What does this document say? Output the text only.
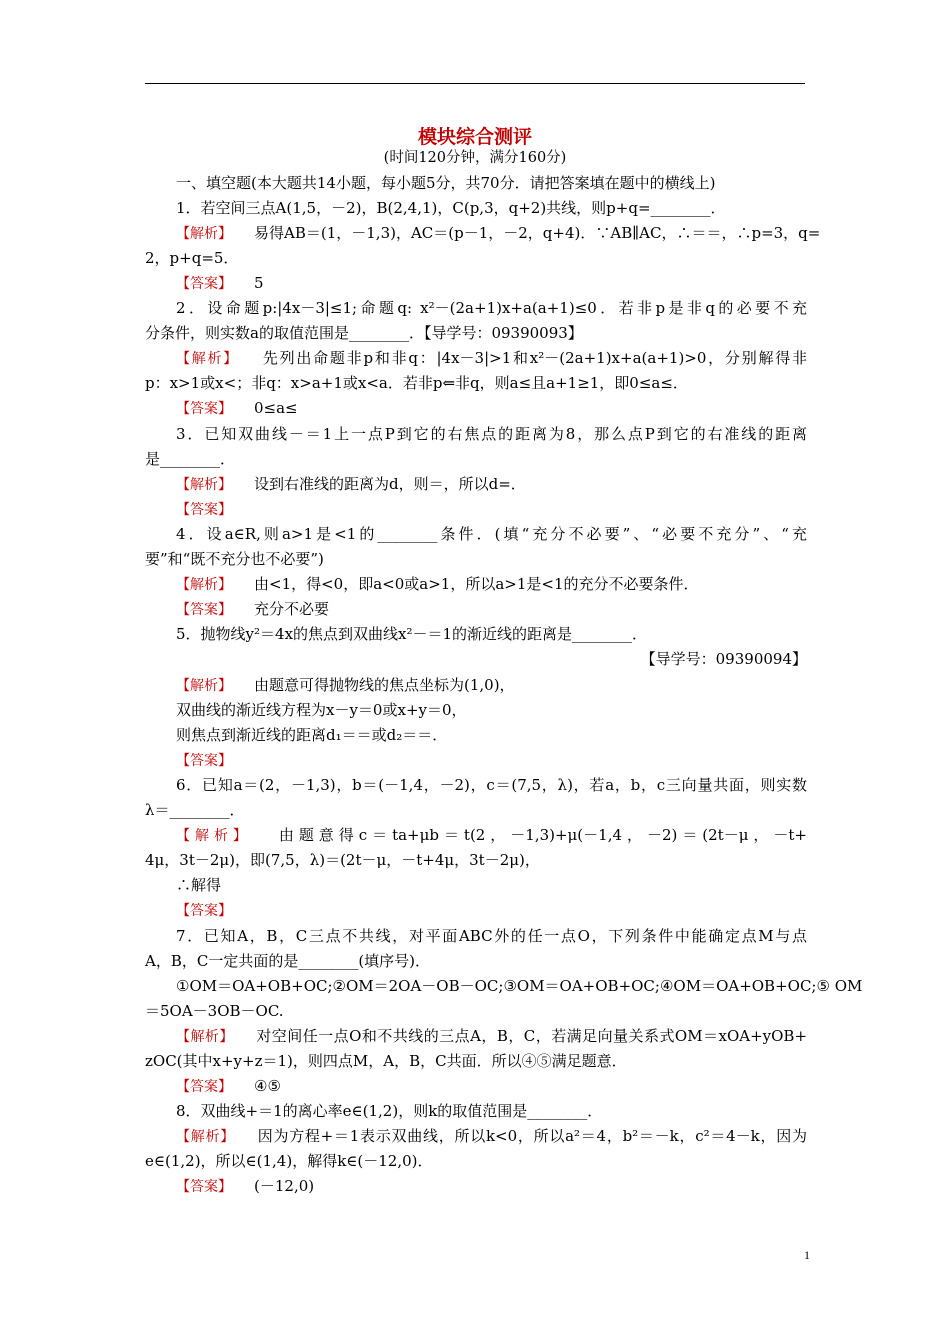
模块综合测评
(时间120分钟，满分160分)
一、填空题(本大题共14小题，每小题5分，共70分．请把答案填在题中的横线上)
1．若空间三点A(1,5，－2)，B(2,4,1)，C(p,3，q+2)共线，则p+q=________．
【解析】 易得AB＝(1，－1,3)，AC＝(p－1，－2，q+4)．∵AB∥AC，∴＝＝，∴p=3，q=
2，p+q=5．
【答案】 5
2．设命题p:|4x－3|≤1;命题q: x²－(2a+1)x+a(a+1)≤0．若非p是非q的必要不充
分条件，则实数a的取值范围是________．【导学号：09390093】
【解析】 先列出命题非p和非q：|4x－3|>1和x²－(2a+1)x+a(a+1)>0，分别解得非
p：x>1或x<；非q：x>a+1或x<a．若非p⇐非q，则a≤且a+1≥1，即0≤a≤．
【答案】 0≤a≤
3．已知双曲线－＝1上一点P到它的右焦点的距离为8，那么点P到它的右准线的距离
是________．
【解析】 设到右准线的距离为d，则＝，所以d=．
【答案】
4．设a∈R,则a>1是<1的________条件．(填“充分不必要”、“必要不充分”、“充
要”和“既不充分也不必要”)
【解析】 由<1，得<0，即a<0或a>1，所以a>1是<1的充分不必要条件．
【答案】 充分不必要
5．抛物线y²＝4x的焦点到双曲线x²－＝1的渐近线的距离是________．
【导学号：09390094】
【解析】 由题意可得抛物线的焦点坐标为(1,0)，
双曲线的渐近线方程为x－y＝0或x+y＝0，
则焦点到渐近线的距离d₁＝＝或d₂＝＝．
【答案】
6．已知a＝(2，－1,3)，b＝(－1,4，－2)，c＝(7,5，λ)，若a，b，c三向量共面，则实数
λ＝________．
【解析】 由题意得c＝ta+μb＝t(2，－1,3)+μ(－1,4，－2)＝(2t－μ，－t+
4μ，3t－2μ)，即(7,5，λ)＝(2t－μ，－t+4μ，3t－2μ)，
∴解得
【答案】
7．已知A，B，C三点不共线，对平面ABC外的任一点O，下列条件中能确定点M与点
A，B，C一定共面的是________(填序号)．
①OM＝OA+OB+OC;②OM＝2OA－OB－OC;③OM＝OA+OB+OC;④OM＝OA+OB+OC;⑤ OM
＝5OA－3OB－OC.
【解析】 对空间任一点O和不共线的三点A，B，C，若满足向量关系式OM＝xOA+yOB+
zOC(其中x+y+z＝1)，则四点M，A，B，C共面．所以④⑤满足题意．
【答案】 ④⑤
8．双曲线+＝1的离心率e∈(1,2)，则k的取值范围是________．
【解析】 因为方程+＝1表示双曲线，所以k<0，所以a²＝4，b²＝－k，c²＝4－k，因为
e∈(1,2)，所以∈(1,4)，解得k∈(－12,0)．
【答案】 (－12,0)
1
